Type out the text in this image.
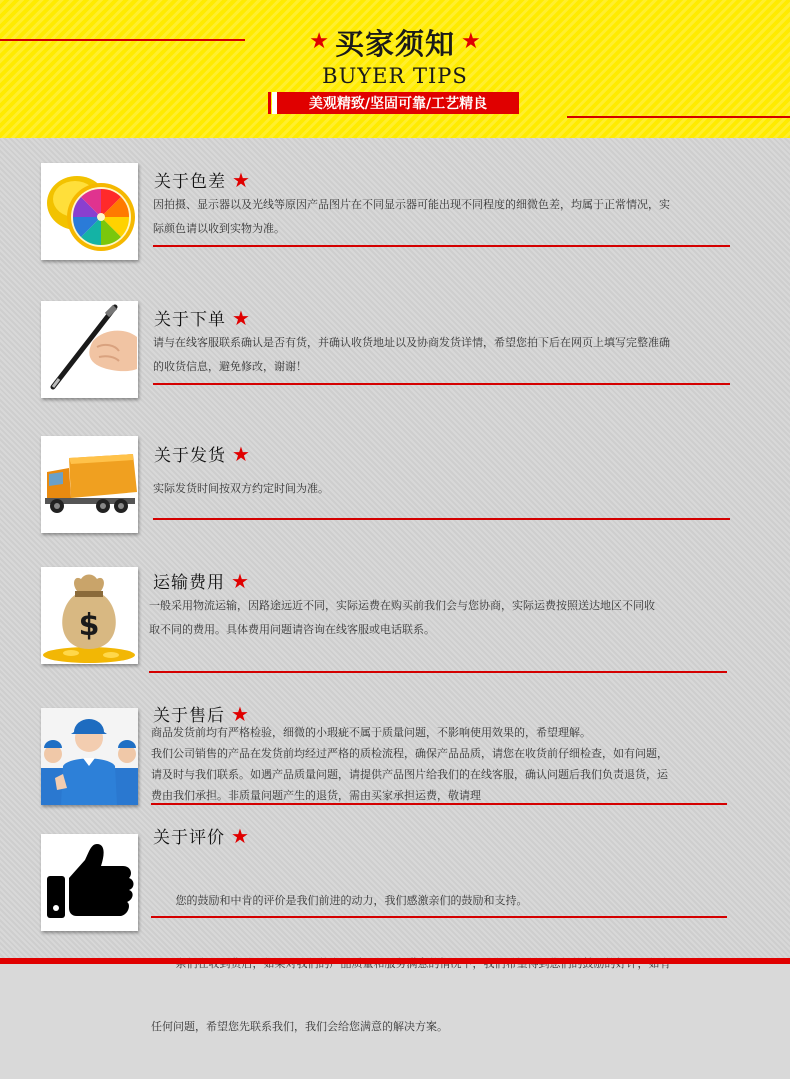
★ 买家须知 ★
BUYER TIPS
美观精致/坚固可靠/工艺精良
关于色差 ★
因拍摄、显示器以及光线等原因产品图片在不同显示器可能出现不同程度的细微色差，均属于正常情况，实
际颜色请以收到实物为准。
关于下单 ★
请与在线客服联系确认是否有货，并确认收货地址以及协商发货详情，希望您拍下后在网页上填写完整准确
的收货信息，避免修改，谢谢！
关于发货 ★
实际发货时间按双方约定时间为准。
$
运输费用 ★
一般采用物流运输，因路途远近不同，实际运费在购买前我们会与您协商，实际运费按照送达地区不同收
取不同的费用。具体费用问题请咨询在线客服或电话联系。
关于售后 ★
商品发货前均有严格检验，细微的小瑕疵不属于质量问题，不影响使用效果的，希望理解。
我们公司销售的产品在发货前均经过严格的质检流程，确保产品品质，请您在收货前仔细检查，如有问题，
请及时与我们联系。如遇产品质量问题，请提供产品图片给我们的在线客服，确认问题后我们负责退货，运
费由我们承担。非质量问题产生的退货，需由买家承担运费，敬请理
关于评价 ★

您的鼓励和中肯的评价是我们前进的动力，我们感激亲们的鼓励和支持。

任何问题，希望您先联系我们，我们会给您满意的解决方案。
